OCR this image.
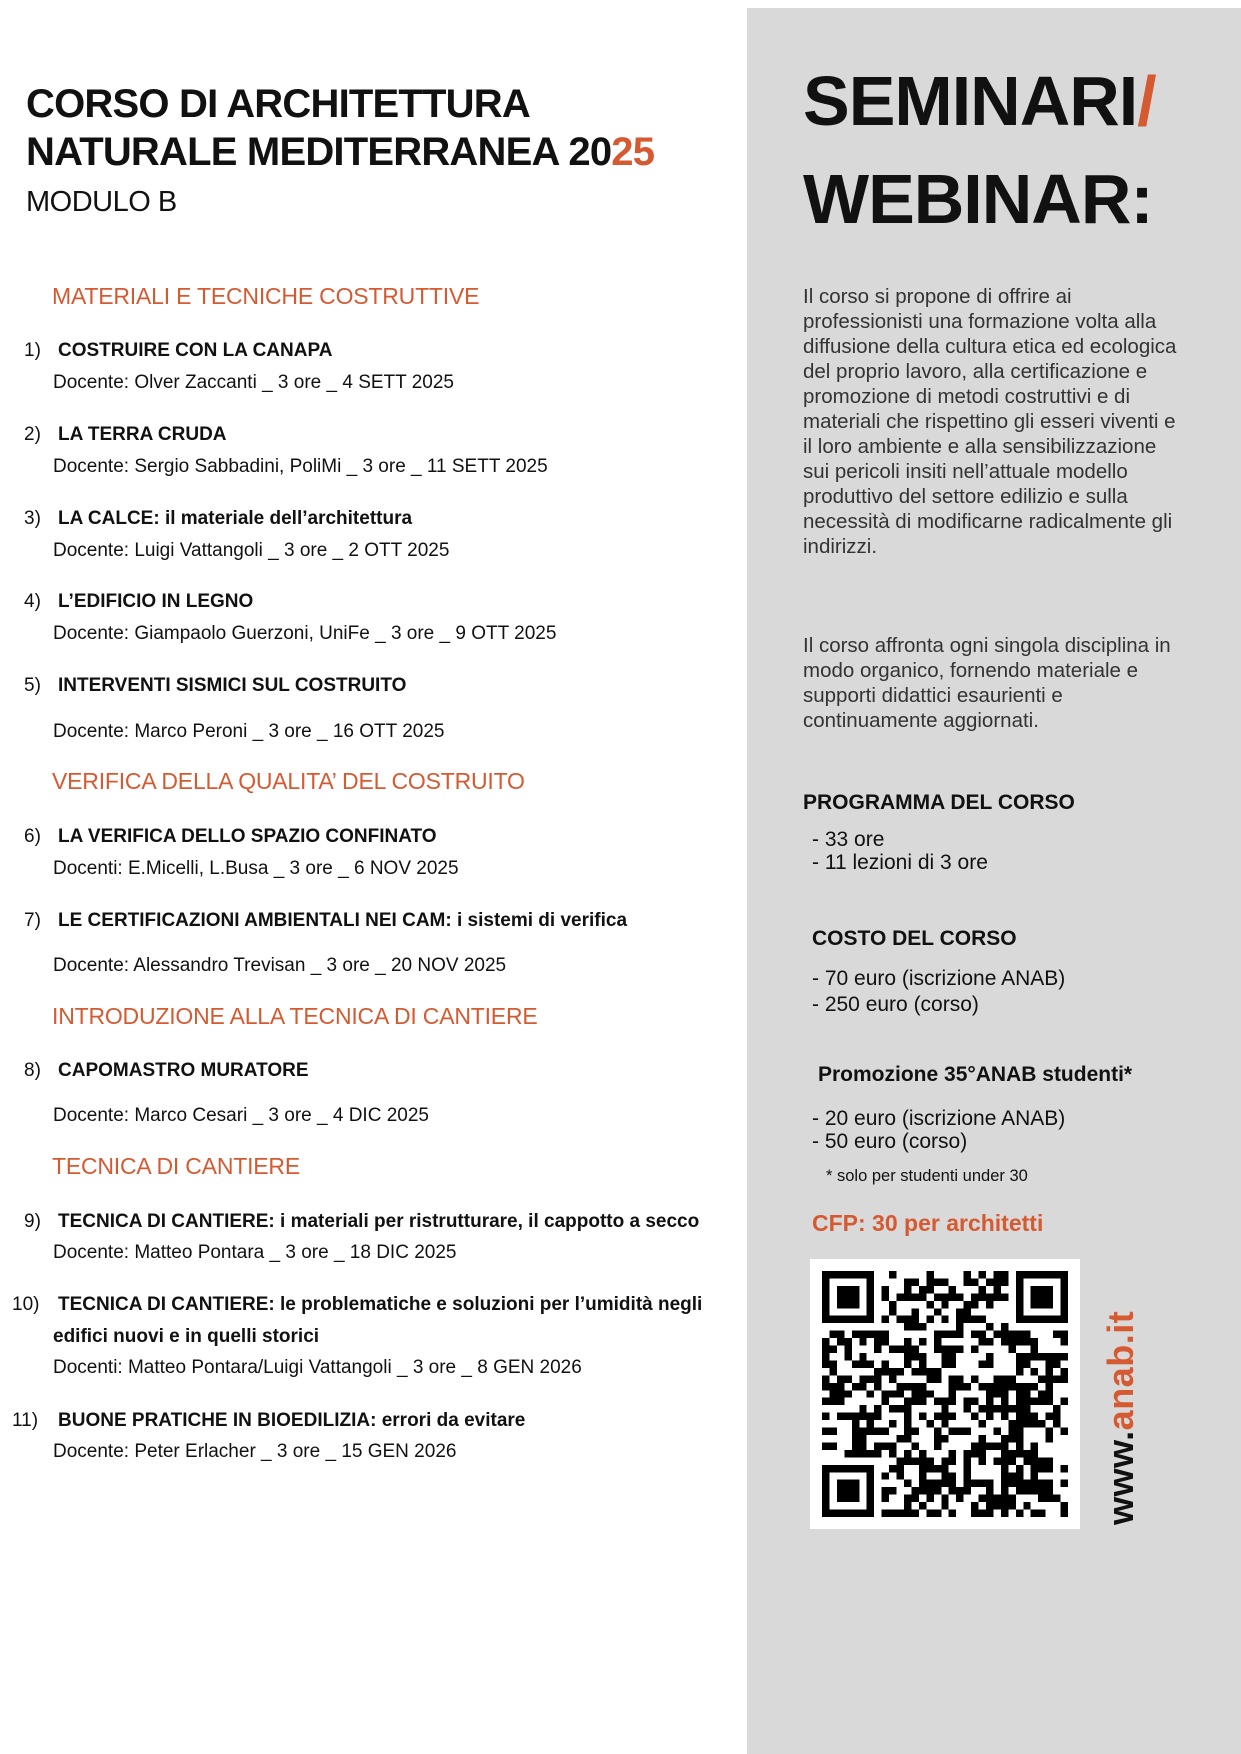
CORSO DI ARCHITETTURA
NATURALE MEDITERRANEA 2025
MODULO B
MATERIALI E TECNICHE COSTRUTTIVE
VERIFICA DELLA QUALITA’ DEL COSTRUITO
INTRODUZIONE ALLA TECNICA DI CANTIERE
TECNICA DI CANTIERE
1) COSTRUIRE CON LA CANAPA
Docente: Olver Zaccanti _ 3 ore _ 4 SETT 2025
2) LA TERRA CRUDA
Docente: Sergio Sabbadini, PoliMi _ 3 ore _ 11 SETT 2025
3) LA CALCE: il materiale dell’architettura
Docente: Luigi Vattangoli _ 3 ore _ 2 OTT 2025
4) L’EDIFICIO IN LEGNO
Docente: Giampaolo Guerzoni, UniFe _ 3 ore _ 9 OTT 2025
5) INTERVENTI SISMICI SUL COSTRUITO
Docente: Marco Peroni _ 3 ore _ 16 OTT 2025
6) LA VERIFICA DELLO SPAZIO CONFINATO
Docenti: E.Micelli, L.Busa _ 3 ore _ 6 NOV 2025
7) LE CERTIFICAZIONI AMBIENTALI NEI CAM: i sistemi di verifica
Docente: Alessandro Trevisan _ 3 ore _ 20 NOV 2025
8) CAPOMASTRO MURATORE
Docente: Marco Cesari _ 3 ore _ 4 DIC 2025
9) TECNICA DI CANTIERE: i materiali per ristrutturare, il cappotto a secco
Docente: Matteo Pontara _ 3 ore _ 18 DIC 2025
10) TECNICA DI CANTIERE: le problematiche e soluzioni per l’umidità negli
edifici nuovi e in quelli storici
Docenti: Matteo Pontara/Luigi Vattangoli _ 3 ore _ 8 GEN 2026
11) BUONE PRATICHE IN BIOEDILIZIA: errori da evitare
Docente: Peter Erlacher _ 3 ore _ 15 GEN 2026
SEMINARI/
WEBINAR:

Il corso si propone di offrire ai professionisti una formazione volta alla diffusione della cultura etica ed ecologica del proprio lavoro, alla certificazione e promozione di metodi costruttivi e di materiali che rispettino gli esseri viventi e il loro ambiente e alla sensibilizzazione sui pericoli insiti nell’attuale modello produttivo del settore edilizio e sulla necessità di modificarne radicalmente gli indirizzi.

Il corso affronta ogni singola disciplina in modo organico, fornendo materiale e supporti didattici esaurienti e continuamente aggiornati.

PROGRAMMA DEL CORSO
- 33 ore
- 11 lezioni di 3 ore
COSTO DEL CORSO
- 70 euro (iscrizione ANAB)
- 250 euro (corso)
Promozione 35°ANAB studenti*
- 20 euro (iscrizione ANAB)
- 50 euro (corso)
* solo per studenti under 30
CFP: 30 per architetti
www.anab.it
